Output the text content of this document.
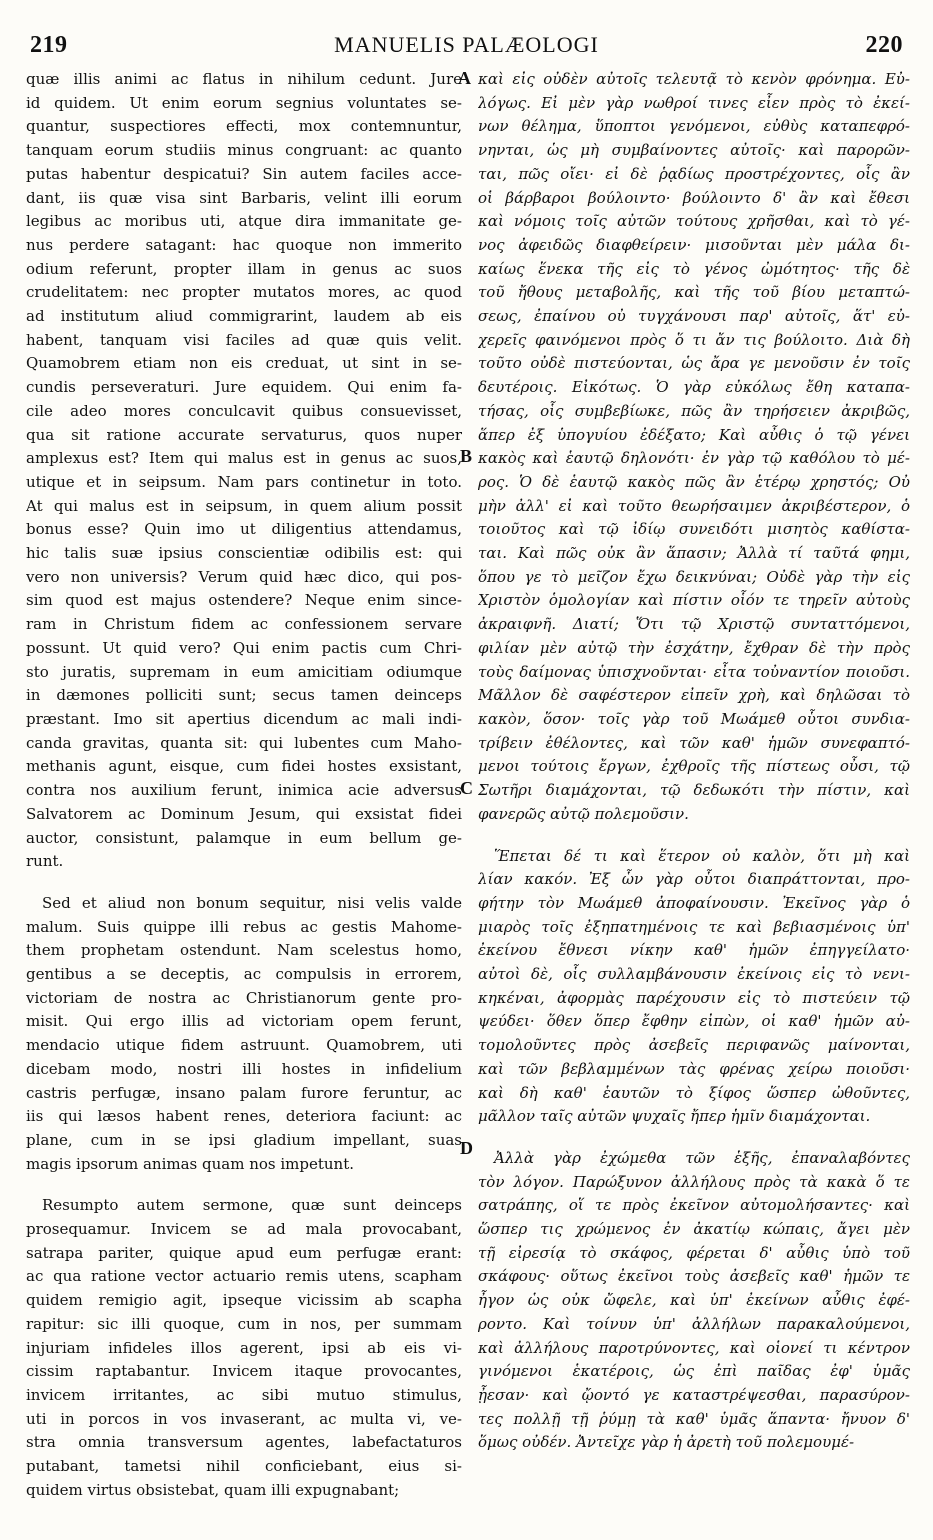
219	MANUELIS PALÆOLOGI	220
quæ illis animi ac flatus in nihilum cedunt. Jure
id quidem. Ut enim eorum segnius voluntates se-
quantur, suspectiores effecti, mox contemnuntur,
tanquam eorum studiis minus congruant: ac quanto
putas habentur despicatui? Sin autem faciles acce-
dant, iis quæ visa sint Barbaris, velint illi eorum
legibus ac moribus uti, atque dira immanitate ge-
nus perdere satagant: hac quoque non immerito
odium referunt, propter illam in genus ac suos
crudelitatem: nec propter mutatos mores, ac quod
ad institutum aliud commigrarint, laudem ab eis
habent, tanquam visi faciles ad quæ quis velit.
Quamobrem etiam non eis creduat, ut sint in se-
cundis perseveraturi. Jure equidem. Qui enim fa-
cile adeo mores conculcavit quibus consuevisset,
qua sit ratione accurate servaturus, quos nuper
amplexus est? Item qui malus est in genus ac suos,
utique et in seipsum. Nam pars continetur in toto.
At qui malus est in seipsum, in quem alium possit
bonus esse? Quin imo ut diligentius attendamus,
hic talis suæ ipsius conscientiæ odibilis est: qui
vero non universis? Verum quid hæc dico, qui pos-
sim quod est majus ostendere? Neque enim since-
ram in Christum fidem ac confessionem servare
possunt. Ut quid vero? Qui enim pactis cum Chri-
sto juratis, supremam in eum amicitiam odiumque
in dæmones polliciti sunt; secus tamen deinceps
præstant. Imo sit apertius dicendum ac mali indi-
canda gravitas, quanta sit: qui lubentes cum Maho-
methanis agunt, eisque, cum fidei hostes exsistant,
contra nos auxilium ferunt, inimica acie adversus
Salvatorem ac Dominum Jesum, qui exsistat fidei
auctor, consistunt, palamque in eum bellum ge-
runt.
Sed et aliud non bonum sequitur, nisi velis valde
malum. Suis quippe illi rebus ac gestis Mahome-
them prophetam ostendunt. Nam scelestus homo,
gentibus a se deceptis, ac compulsis in errorem,
victoriam de nostra ac Christianorum gente pro-
misit. Qui ergo illis ad victoriam opem ferunt,
mendacio utique fidem astruunt. Quamobrem, uti
dicebam modo, nostri illi hostes in infidelium
castris perfugæ, insano palam furore feruntur, ac
iis qui læsos habent renes, deteriora faciunt: ac
plane, cum in se ipsi gladium impellant, suas
magis ipsorum animas quam nos impetunt.
Resumpto autem sermone, quæ sunt deinceps
prosequamur. Invicem se ad mala provocabant,
satrapa pariter, quique apud eum perfugæ erant:
ac qua ratione vector actuario remis utens, scapham
quidem remigio agit, ipseque vicissim ab scapha
rapitur: sic illi quoque, cum in nos, per summam
injuriam infideles illos agerent, ipsi ab eis vi-
cissim raptabantur. Invicem itaque provocantes,
invicem irritantes, ac sibi mutuo stimulus,
uti in porcos in vos invaserant, ac multa vi, ve-
stra omnia transversum agentes, labefactaturos
putabant, tametsi nihil conficiebant, eius si-
quidem virtus obsistebat, quam illi expugnabant;
καὶ εἰς οὐδὲν αὐτοῖς τελευτᾷ τὸ κενὸν φρόνημα. Εὐ-
λόγως. Εἰ μὲν γὰρ νωθροί τινες εἶεν πρὸς τὸ ἐκεί-
νων θέλημα, ὕποπτοι γενόμενοι, εὐθὺς καταπεφρό-
νηνται, ὡς μὴ συμβαίνοντες αὐτοῖς· καὶ παρορῶν-
ται, πῶς οἴει· εἰ δὲ ῥᾳδίως προστρέχοντες, οἷς ἂν
οἱ βάρβαροι βούλοιντο· βούλοιντο δ' ἂν καὶ ἔθεσι
καὶ νόμοις τοῖς αὐτῶν τούτους χρῆσθαι, καὶ τὸ γέ-
νος ἀφειδῶς διαφθείρειν· μισοῦνται μὲν μάλα δι-
καίως ἕνεκα τῆς εἰς τὸ γένος ὠμότητος· τῆς δὲ
τοῦ ἤθους μεταβολῆς, καὶ τῆς τοῦ βίου μεταπτώ-
σεως, ἐπαίνου οὐ τυγχάνουσι παρ' αὐτοῖς, ἅτ' εὐ-
χερεῖς φαινόμενοι πρὸς ὅ τι ἄν τις βούλοιτο. Διὰ δὴ
τοῦτο οὐδὲ πιστεύονται, ὡς ἄρα γε μενοῦσιν ἐν τοῖς
δευτέροις. Εἰκότως. Ὁ γὰρ εὐκόλως ἔθη καταπα-
τήσας, οἷς συμβεβίωκε, πῶς ἂν τηρήσειεν ἀκριβῶς,
ἅπερ ἐξ ὑπογυίου ἐδέξατο; Καὶ αὖθις ὁ τῷ γένει
κακὸς καὶ ἑαυτῷ δηλονότι· ἐν γὰρ τῷ καθόλου τὸ μέ-
ρος. Ὁ δὲ ἑαυτῷ κακὸς πῶς ἂν ἑτέρῳ χρηστός; Οὐ
μὴν ἀλλ' εἰ καὶ τοῦτο θεωρήσαιμεν ἀκριβέστερον, ὁ
τοιοῦτος καὶ τῷ ἰδίῳ συνειδότι μισητὸς καθίστα-
ται. Καὶ πῶς οὐκ ἂν ἅπασιν; Ἀλλὰ τί ταῦτά φημι,
ὅπου γε τὸ μεῖζον ἔχω δεικνύναι; Οὐδὲ γὰρ τὴν εἰς
Χριστὸν ὁμολογίαν καὶ πίστιν οἷόν τε τηρεῖν αὐτοὺς
ἀκραιφνῆ. Διατί; Ὅτι τῷ Χριστῷ συνταττόμενοι,
φιλίαν μὲν αὐτῷ τὴν ἐσχάτην, ἔχθραν δὲ τὴν πρὸς
τοὺς δαίμονας ὑπισχνοῦνται· εἶτα τοὐναντίον ποιοῦσι.
Μᾶλλον δὲ σαφέστερον εἰπεῖν χρὴ, καὶ δηλῶσαι τὸ
κακὸν, ὅσον· τοῖς γὰρ τοῦ Μωάμεθ οὗτοι συνδια-
τρίβειν ἐθέλοντες, καὶ τῶν καθ' ἡμῶν συνεφαπτό-
μενοι τούτοις ἔργων, ἐχθροῖς τῆς πίστεως οὖσι, τῷ
Σωτῆρι διαμάχονται, τῷ δεδωκότι τὴν πίστιν, καὶ
φανερῶς αὐτῷ πολεμοῦσιν.
Ἕπεται δέ τι καὶ ἕτερον οὐ καλὸν, ὅτι μὴ καὶ
λίαν κακόν. Ἐξ ὧν γὰρ οὗτοι διαπράττονται, προ-
φήτην τὸν Μωάμεθ ἀποφαίνουσιν. Ἐκεῖνος γὰρ ὁ
μιαρὸς τοῖς ἐξηπατημένοις τε καὶ βεβιασμένοις ὑπ'
ἐκείνου ἔθνεσι νίκην καθ' ἡμῶν ἐπηγγείλατο·
αὐτοὶ δὲ, οἷς συλλαμβάνουσιν ἐκείνοις εἰς τὸ νενι-
κηκέναι, ἀφορμὰς παρέχουσιν εἰς τὸ πιστεύειν τῷ
ψεύδει· ὅθεν ὅπερ ἔφθην εἰπὼν, οἱ καθ' ἡμῶν αὐ-
τομολοῦντες πρὸς ἀσεβεῖς περιφανῶς μαίνονται,
καὶ τῶν βεβλαμμένων τὰς φρένας χείρω ποιοῦσι·
καὶ δὴ καθ' ἑαυτῶν τὸ ξίφος ὥσπερ ὠθοῦντες,
μᾶλλον ταῖς αὐτῶν ψυχαῖς ἤπερ ἡμῖν διαμάχονται.
Ἀλλὰ γὰρ ἐχώμεθα τῶν ἑξῆς, ἐπαναλαβόντες
τὸν λόγον. Παρώξυνον ἀλλήλους πρὸς τὰ κακὰ ὅ τε
σατράπης, οἵ τε πρὸς ἐκεῖνον αὐτομολήσαντες· καὶ
ὥσπερ τις χρώμενος ἐν ἀκατίῳ κώπαις, ἄγει μὲν
τῇ εἰρεσίᾳ τὸ σκάφος, φέρεται δ' αὖθις ὑπὸ τοῦ
σκάφους· οὕτως ἐκεῖνοι τοὺς ἀσεβεῖς καθ' ἡμῶν τε
ἦγον ὡς οὐκ ὤφελε, καὶ ὑπ' ἐκείνων αὖθις ἐφέ-
ροντο. Καὶ τοίνυν ὑπ' ἀλλήλων παρακαλούμενοι,
καὶ ἀλλήλους παροτρύνοντες, καὶ οἱονεί τι κέντρον
γινόμενοι ἑκατέροις, ὡς ἐπὶ παῖδας ἐφ' ὑμᾶς
ᾖεσαν· καὶ ᾤοντό γε καταστρέψεσθαι, παρασύρον-
τες πολλῇ τῇ ῥύμῃ τὰ καθ' ὑμᾶς ἅπαντα· ἤνυον δ'
ὅμως οὐδέν. Ἀντεῖχε γὰρ ἡ ἀρετὴ τοῦ πολεμουμέ-
A
B
C
D
